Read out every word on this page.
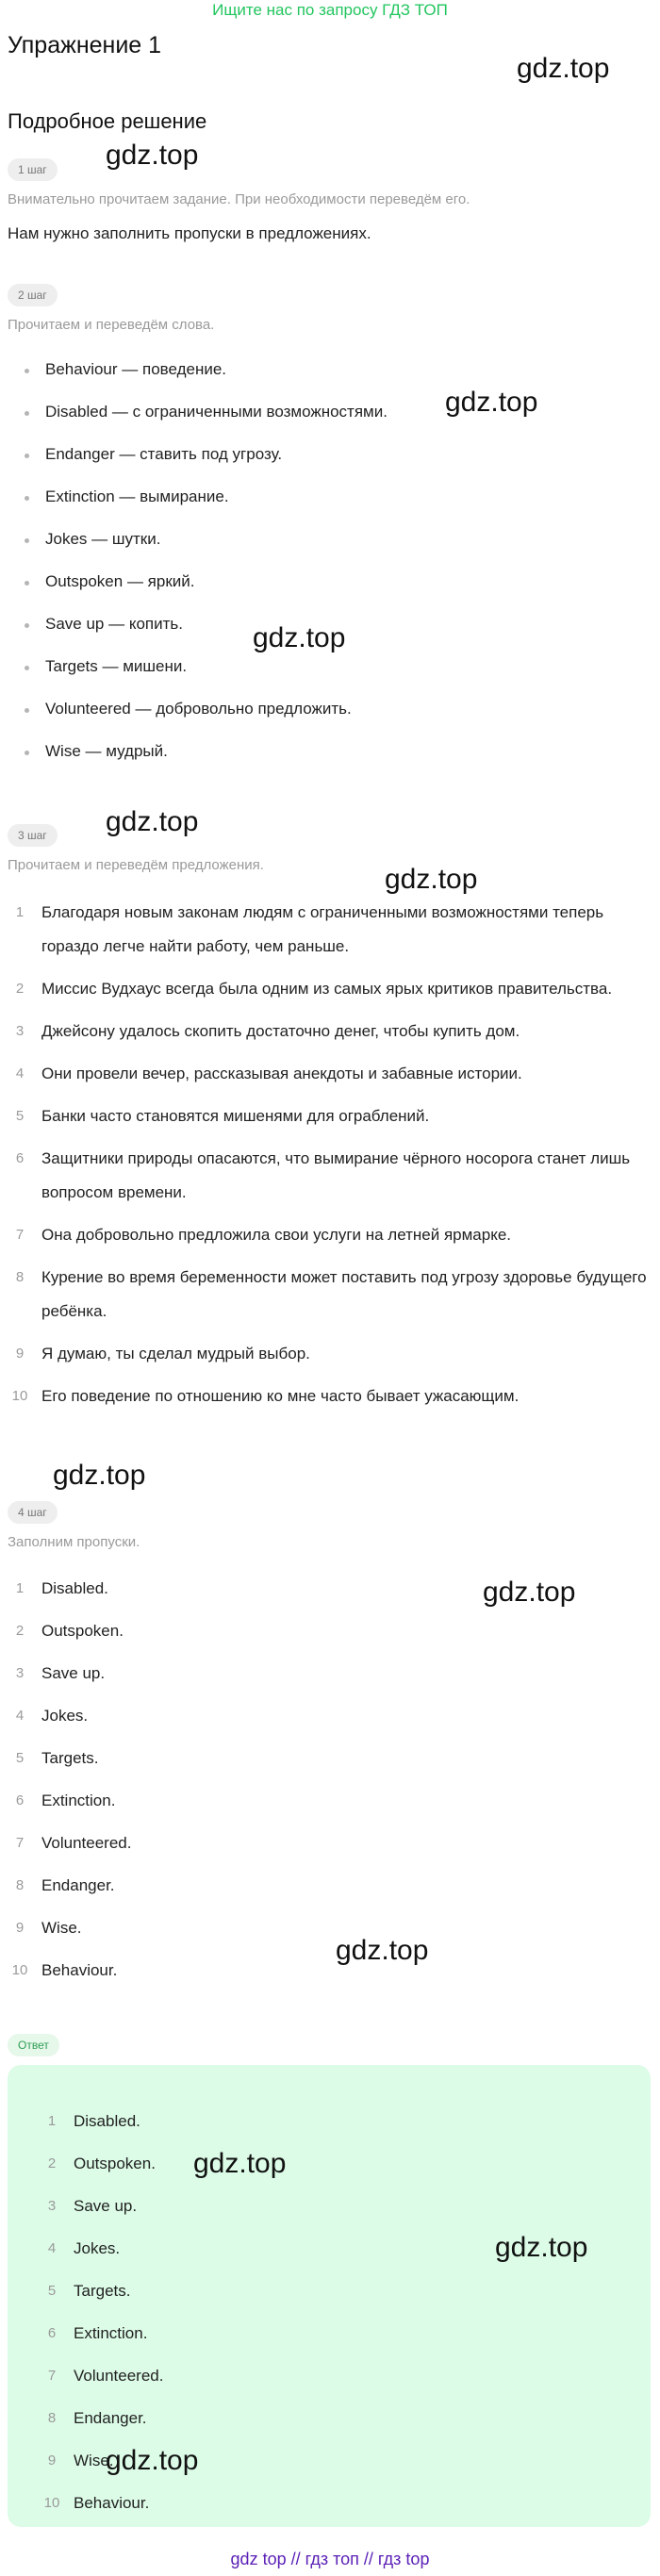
Ищите нас по запросу ГДЗ ТОП
Упражнение 1
gdz.top
Подробное решение
1 шаг	gdz.top
Внимательно прочитаем задание. При необходимости переведём его.
Нам нужно заполнить пропуски в предложениях.
2 шаг
Прочитаем и переведём слова.
Behaviour — поведение.
Disabled — с ограниченными возможностями.
Endanger — ставить под угрозу.
Extinction — вымирание.
Jokes — шутки.
Outspoken — яркий.
Save up — копить.
Targets — мишени.
Volunteered — добровольно предложить.
Wise — мудрый.
gdz.top
gdz.top
gdz.top
3 шаг
Прочитаем и переведём предложения.	gdz.top
1	Благодаря новым законам людям с ограниченными возможностями теперь гораздо легче найти работу, чем раньше.
2	Миссис Вудхаус всегда была одним из самых ярых критиков правительства.
3	Джейсону удалось скопить достаточно денег, чтобы купить дом.
4	Они провели вечер, рассказывая анекдоты и забавные истории.
5	Банки часто становятся мишенями для ограблений.
6	Защитники природы опасаются, что вымирание чёрного носорога станет лишь вопросом времени.
7	Она добровольно предложила свои услуги на летней ярмарке.
8	Курение во время беременности может поставить под угрозу здоровье будущего ребёнка.
9	Я думаю, ты сделал мудрый выбор.
10 Его поведение по отношению ко мне часто бывает ужасающим.
gdz.top
4 шаг
Заполним пропуски.
gdz.top
1	Disabled.
2	Outspoken.
3	Save up.
4	Jokes.
5	Targets.
6	Extinction.
7	Volunteered.
8	Endanger.
9	Wise.
10 Behaviour.
gdz.top
Ответ
1	Disabled.
2	Outspoken.
3	Save up.
4	Jokes.
5	Targets.
6	Extinction.
7	Volunteered.
8	Endanger.
9	Wise.
10 Behaviour.
gdz.top
gdz.top
gdz.top
gdz top // гдз топ // гдз top
